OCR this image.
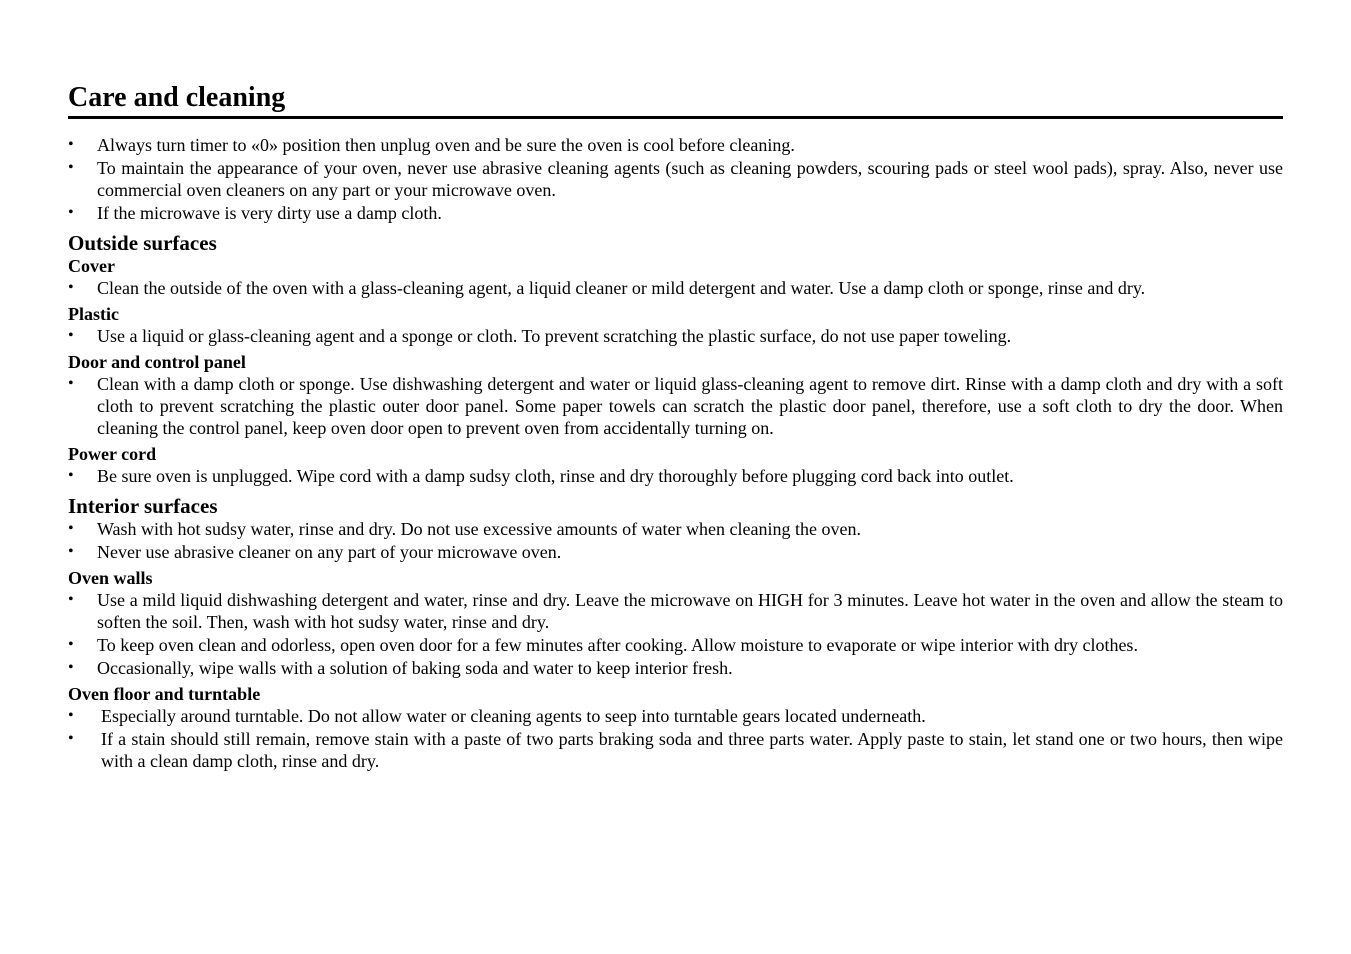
Care and cleaning
• Always turn timer to «0» position then unplug oven and be sure the oven is cool before cleaning.
• To maintain the appearance of your oven, never use abrasive cleaning agents (such as cleaning powders, scouring pads or steel wool pads), spray. Also, never use commercial oven cleaners on any part or your microwave oven.
• If the microwave is very dirty use a damp cloth.
Outside surfaces
Cover
• Clean the outside of the oven with a glass-cleaning agent, a liquid cleaner or mild detergent and water. Use a damp cloth or sponge, rinse and dry.
Plastic
• Use a liquid or glass-cleaning agent and a sponge or cloth. To prevent scratching the plastic surface, do not use paper toweling.
Door and control panel
• Clean with a damp cloth or sponge. Use dishwashing detergent and water or liquid glass-cleaning agent to remove dirt. Rinse with a damp cloth and dry with a soft cloth to prevent scratching the plastic outer door panel. Some paper towels can scratch the plastic door panel, therefore, use a soft cloth to dry the door. When cleaning the control panel, keep oven door open to prevent oven from accidentally turning on.
Power cord
• Be sure oven is unplugged. Wipe cord with a damp sudsy cloth, rinse and dry thoroughly before plugging cord back into outlet.
Interior surfaces
• Wash with hot sudsy water, rinse and dry. Do not use excessive amounts of water when cleaning the oven.
• Never use abrasive cleaner on any part of your microwave oven.
Oven walls
• Use a mild liquid dishwashing detergent and water, rinse and dry. Leave the microwave on HIGH for 3 minutes. Leave hot water in the oven and allow the steam to soften the soil. Then, wash with hot sudsy water, rinse and dry.
• To keep oven clean and odorless, open oven door for a few minutes after cooking. Allow moisture to evaporate or wipe interior with dry clothes.
• Occasionally, wipe walls with a solution of baking soda and water to keep interior fresh.
Oven floor and turntable
• Especially around turntable. Do not allow water or cleaning agents to seep into turntable gears located underneath.
• If a stain should still remain, remove stain with a paste of two parts braking soda and three parts water. Apply paste to stain, let stand one or two hours, then wipe with a clean damp cloth, rinse and dry.
